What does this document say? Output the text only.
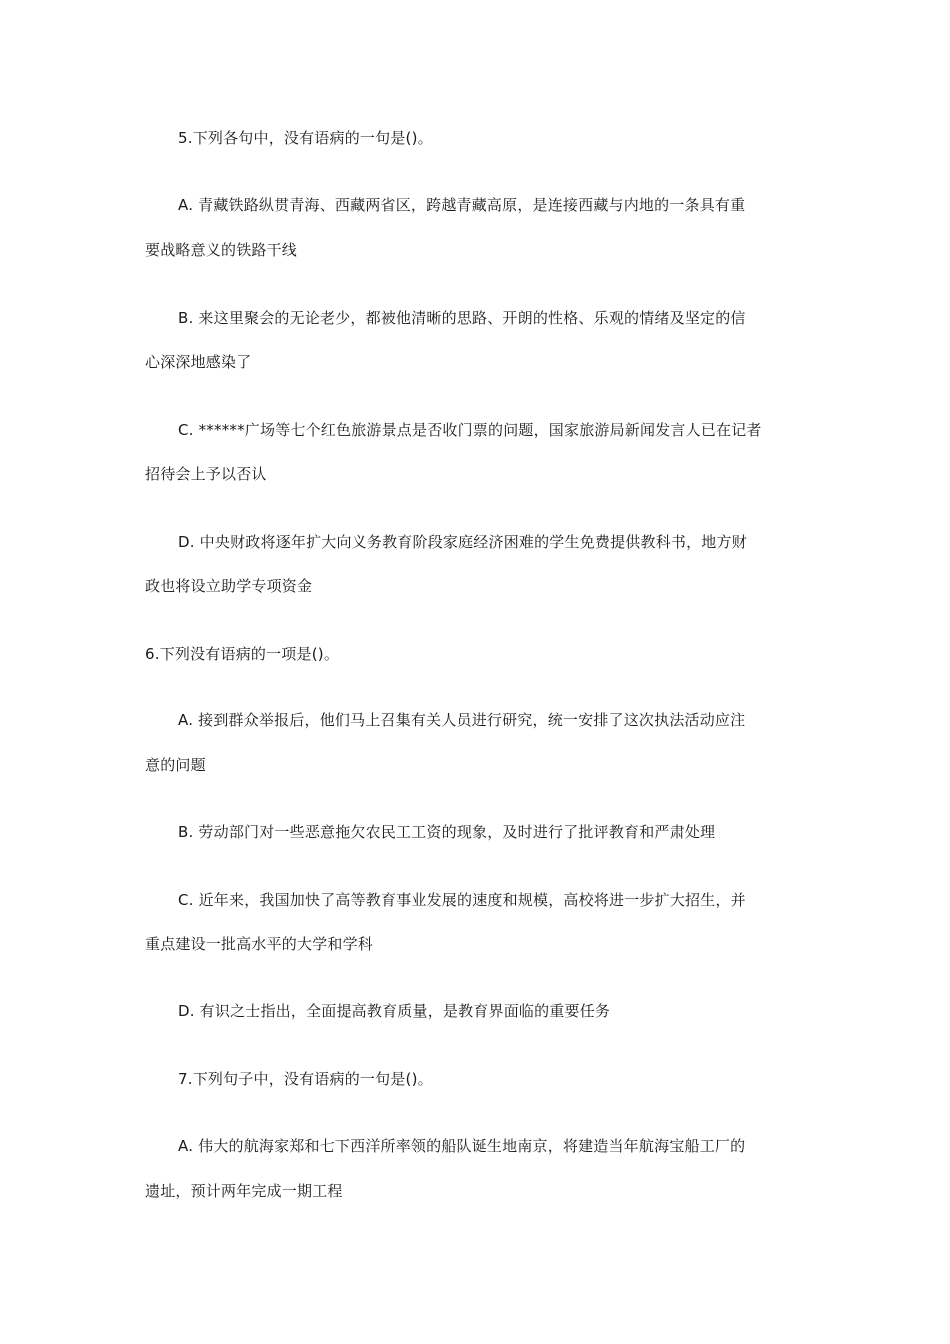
5.下列各句中，没有语病的一句是()。
A. 青藏铁路纵贯青海、西藏两省区，跨越青藏高原，是连接西藏与内地的一条具有重
要战略意义的铁路干线
B. 来这里聚会的无论老少，都被他清晰的思路、开朗的性格、乐观的情绪及坚定的信
心深深地感染了
C. ******广场等七个红色旅游景点是否收门票的问题，国家旅游局新闻发言人已在记者
招待会上予以否认
D. 中央财政将逐年扩大向义务教育阶段家庭经济困难的学生免费提供教科书，地方财
政也将设立助学专项资金
6.下列没有语病的一项是()。
A. 接到群众举报后，他们马上召集有关人员进行研究，统一安排了这次执法活动应注
意的问题
B. 劳动部门对一些恶意拖欠农民工工资的现象，及时进行了批评教育和严肃处理
C. 近年来，我国加快了高等教育事业发展的速度和规模，高校将进一步扩大招生，并
重点建设一批高水平的大学和学科
D. 有识之士指出，全面提高教育质量，是教育界面临的重要任务
7.下列句子中，没有语病的一句是()。
A. 伟大的航海家郑和七下西洋所率领的船队诞生地南京，将建造当年航海宝船工厂的
遗址，预计两年完成一期工程
